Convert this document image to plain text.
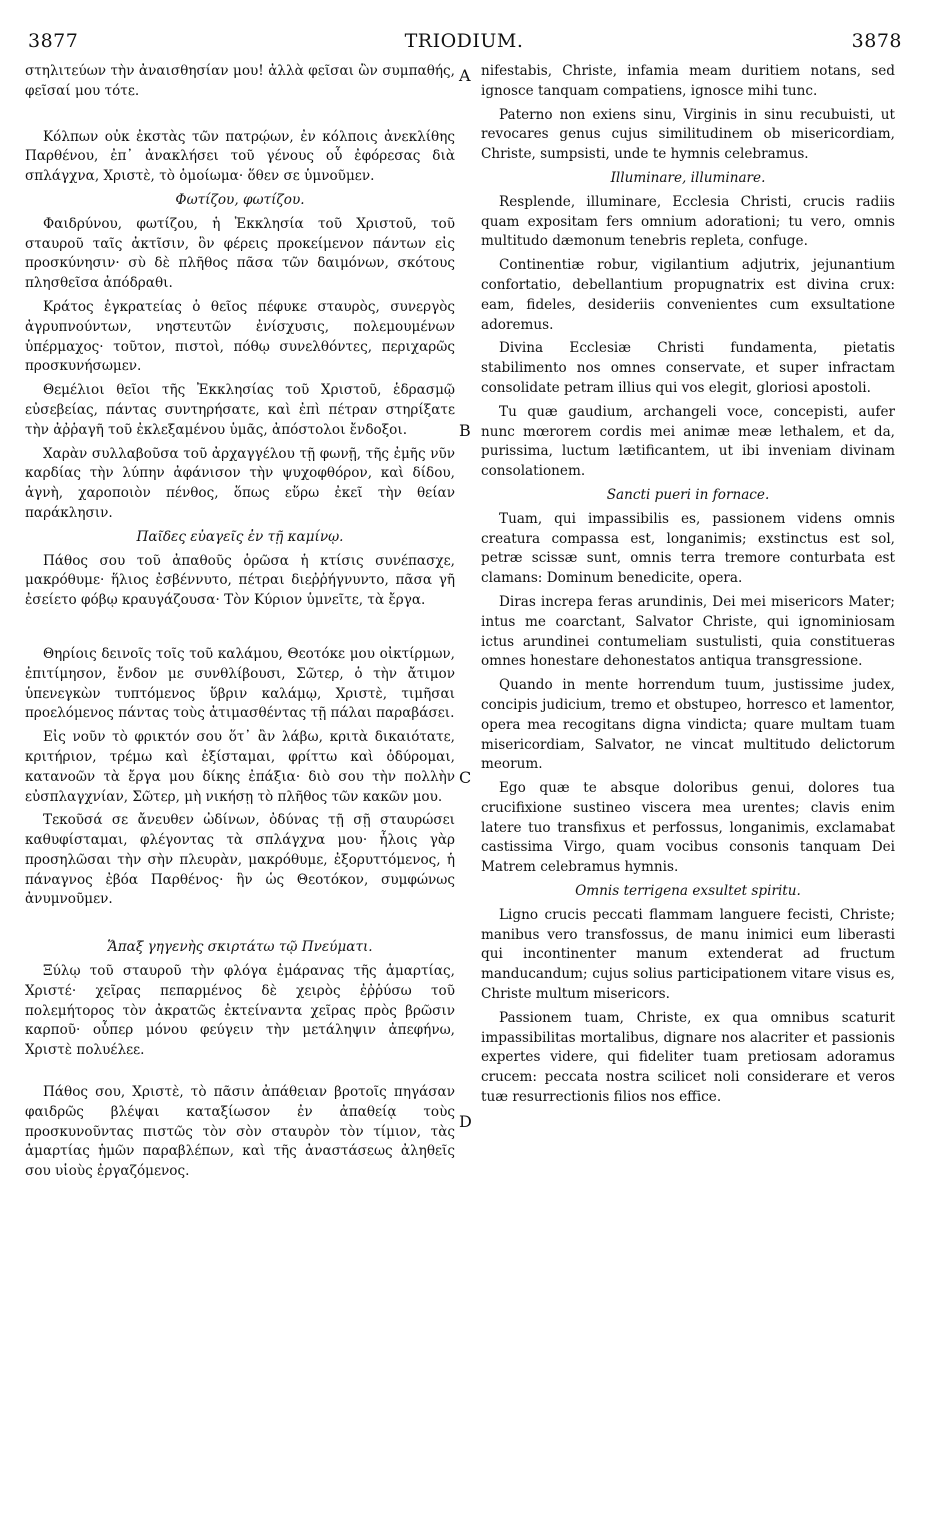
3877	TRIODIUM.	3878
A
B
C
D

στηλιτεύων τὴν ἀναισθησίαν μου! ἀλλὰ φεῖσαι ὢν συμπαθής, φεῖσαί μου τότε.

Κόλπων οὐκ ἐκστὰς τῶν πατρῴων, ἐν κόλποις ἀνεκλίθης Παρθένου, ἐπ᾿ ἀνακλήσει τοῦ γένους οὗ ἐφόρεσας διὰ σπλάγχνα, Χριστὲ, τὸ ὁμοίωμα· ὅθεν σε ὑμνοῦμεν.

Φωτίζου, φωτίζου.

Φαιδρύνου, φωτίζου, ἡ Ἐκκλησία τοῦ Χριστοῦ, τοῦ σταυροῦ ταῖς ἀκτῖσιν, ὃν φέρεις προκείμενον πάντων εἰς προσκύνησιν· σὺ δὲ πλῆθος πᾶσα τῶν δαιμόνων, σκότους πλησθεῖσα ἀπόδραθι.

Κράτος ἐγκρατείας ὁ θεῖος πέφυκε σταυρὸς, συνεργὸς ἀγρυπνούντων, νηστευτῶν ἐνίσχυσις, πολεμουμένων ὑπέρμαχος· τοῦτον, πιστοὶ, πόθῳ συνελθόντες, περιχαρῶς προσκυνήσωμεν.

Θεμέλιοι θεῖοι τῆς Ἐκκλησίας τοῦ Χριστοῦ, ἑδρασμῷ εὐσεβείας, πάντας συντηρήσατε, καὶ ἐπὶ πέτραν στηρίξατε τὴν ἀῤῥαγῆ τοῦ ἐκλεξαμένου ὑμᾶς, ἀπόστολοι ἔνδοξοι.

Χαρὰν συλλαβοῦσα τοῦ ἀρχαγγέλου τῇ φωνῇ, τῆς ἐμῆς νῦν καρδίας τὴν λύπην ἀφάνισον τὴν ψυχοφθόρον, καὶ δίδου, ἁγνὴ, χαροποιὸν πένθος, ὅπως εὕρω ἐκεῖ τὴν θείαν παράκλησιν.

Παῖδες εὐαγεῖς ἐν τῇ καμίνῳ.

Πάθος σου τοῦ ἀπαθοῦς ὁρῶσα ἡ κτίσις συνέπασχε, μακρόθυμε· ἥλιος ἐσβέννυτο, πέτραι διεῤῥήγνυντο, πᾶσα γῆ ἐσείετο φόβῳ κραυγάζουσα· Τὸν Κύριον ὑμνεῖτε, τὰ ἔργα.

Θηρίοις δεινοῖς τοῖς τοῦ καλάμου, Θεοτόκε μου οἰκτίρμων, ἐπιτίμησον, ἔνδον με συνθλίβουσι, Σῶτερ, ὁ τὴν ἄτιμον ὑπενεγκὼν τυπτόμενος ὕβριν καλάμῳ, Χριστὲ, τιμῆσαι προελόμενος πάντας τοὺς ἀτιμασθέντας τῇ πάλαι παραβάσει.

Εἰς νοῦν τὸ φρικτόν σου ὅτ᾿ ἂν λάβω, κριτὰ δικαιότατε, κριτήριον, τρέμω καὶ ἐξίσταμαι, φρίττω καὶ ὀδύρομαι, κατανοῶν τὰ ἔργα μου δίκης ἐπάξια· διὸ σου τὴν πολλὴν εὐσπλαγχνίαν, Σῶτερ, μὴ νικήσῃ τὸ πλῆθος τῶν κακῶν μου.

Τεκοῦσά σε ἄνευθεν ὠδίνων, ὀδύνας τῇ σῇ σταυρώσει καθυφίσταμαι, φλέγοντας τὰ σπλάγχνα μου· ἧλοις γὰρ προσηλῶσαι τὴν σὴν πλευρὰν, μακρόθυμε, ἐξορυττόμενος, ἡ πάναγνος ἐβόα Παρθένος· ἣν ὡς Θεοτόκον, συμφώνως ἀνυμνοῦμεν.

Ἅπαξ γηγενὴς σκιρτάτω τῷ Πνεύματι.

Ξύλῳ τοῦ σταυροῦ τὴν φλόγα ἐμάρανας τῆς ἁμαρτίας, Χριστέ· χεῖρας πεπαρμένος δὲ χειρὸς ἐῤῥύσω τοῦ πολεμήτορος τὸν ἀκρατῶς ἐκτείναντα χεῖρας πρὸς βρῶσιν καρποῦ· οὗπερ μόνου φεύγειν τὴν μετάληψιν ἀπεφήνω, Χριστὲ πολυέλεε.

Πάθος σου, Χριστὲ, τὸ πᾶσιν ἀπάθειαν βροτοῖς πηγάσαν φαιδρῶς βλέψαι καταξίωσον ἐν ἀπαθείᾳ τοὺς προσκυνοῦντας πιστῶς τὸν σὸν σταυρὸν τὸν τίμιον, τὰς ἁμαρτίας ἡμῶν παραβλέπων, καὶ τῆς ἀναστάσεως ἀληθεῖς σου υἱοὺς ἐργαζόμενος.

nifestabis, Christe, infamia meam duritiem notans, sed ignosce tanquam compatiens, ignosce mihi tunc.

Paterno non exiens sinu, Virginis in sinu recubuisti, ut revocares genus cujus similitudinem ob misericordiam, Christe, sumpsisti, unde te hymnis celebramus.

Illuminare, illuminare.

Resplende, illuminare, Ecclesia Christi, crucis radiis quam expositam fers omnium adorationi; tu vero, omnis multitudo dæmonum tenebris repleta, confuge.

Continentiæ robur, vigilantium adjutrix, jejunantium confortatio, debellantium propugnatrix est divina crux: eam, fideles, desideriis convenientes cum exsultatione adoremus.

Divina Ecclesiæ Christi fundamenta, pietatis stabilimento nos omnes conservate, et super infractam consolidate petram illius qui vos elegit, gloriosi apostoli.

Tu quæ gaudium, archangeli voce, concepisti, aufer nunc mœrorem cordis mei animæ meæ lethalem, et da, purissima, luctum lætificantem, ut ibi inveniam divinam consolationem.

Sancti pueri in fornace.

Tuam, qui impassibilis es, passionem videns omnis creatura compassa est, longanimis; exstinctus est sol, petræ scissæ sunt, omnis terra tremore conturbata est clamans: Dominum benedicite, opera.

Diras increpa feras arundinis, Dei mei misericors Mater; intus me coarctant, Salvator Christe, qui ignominiosam ictus arundinei contumeliam sustulisti, quia constitueras omnes honestare dehonestatos antiqua transgressione.

Quando in mente horrendum tuum, justissime judex, concipis judicium, tremo et obstupeo, horresco et lamentor, opera mea recogitans digna vindicta; quare multam tuam misericordiam, Salvator, ne vincat multitudo delictorum meorum.

Ego quæ te absque doloribus genui, dolores tua crucifixione sustineo viscera mea urentes; clavis enim latere tuo transfixus et perfossus, longanimis, exclamabat castissima Virgo, quam vocibus consonis tanquam Dei Matrem celebramus hymnis.

Omnis terrigena exsultet spiritu.

Ligno crucis peccati flammam languere fecisti, Christe; manibus vero transfossus, de manu inimici eum liberasti qui incontinenter manum extenderat ad fructum manducandum; cujus solius participationem vitare visus es, Christe multum misericors.

Passionem tuam, Christe, ex qua omnibus scaturit impassibilitas mortalibus, dignare nos alacriter et passionis expertes videre, qui fideliter tuam pretiosam adoramus crucem: peccata nostra scilicet noli considerare et veros tuæ resurrectionis filios nos effice.
